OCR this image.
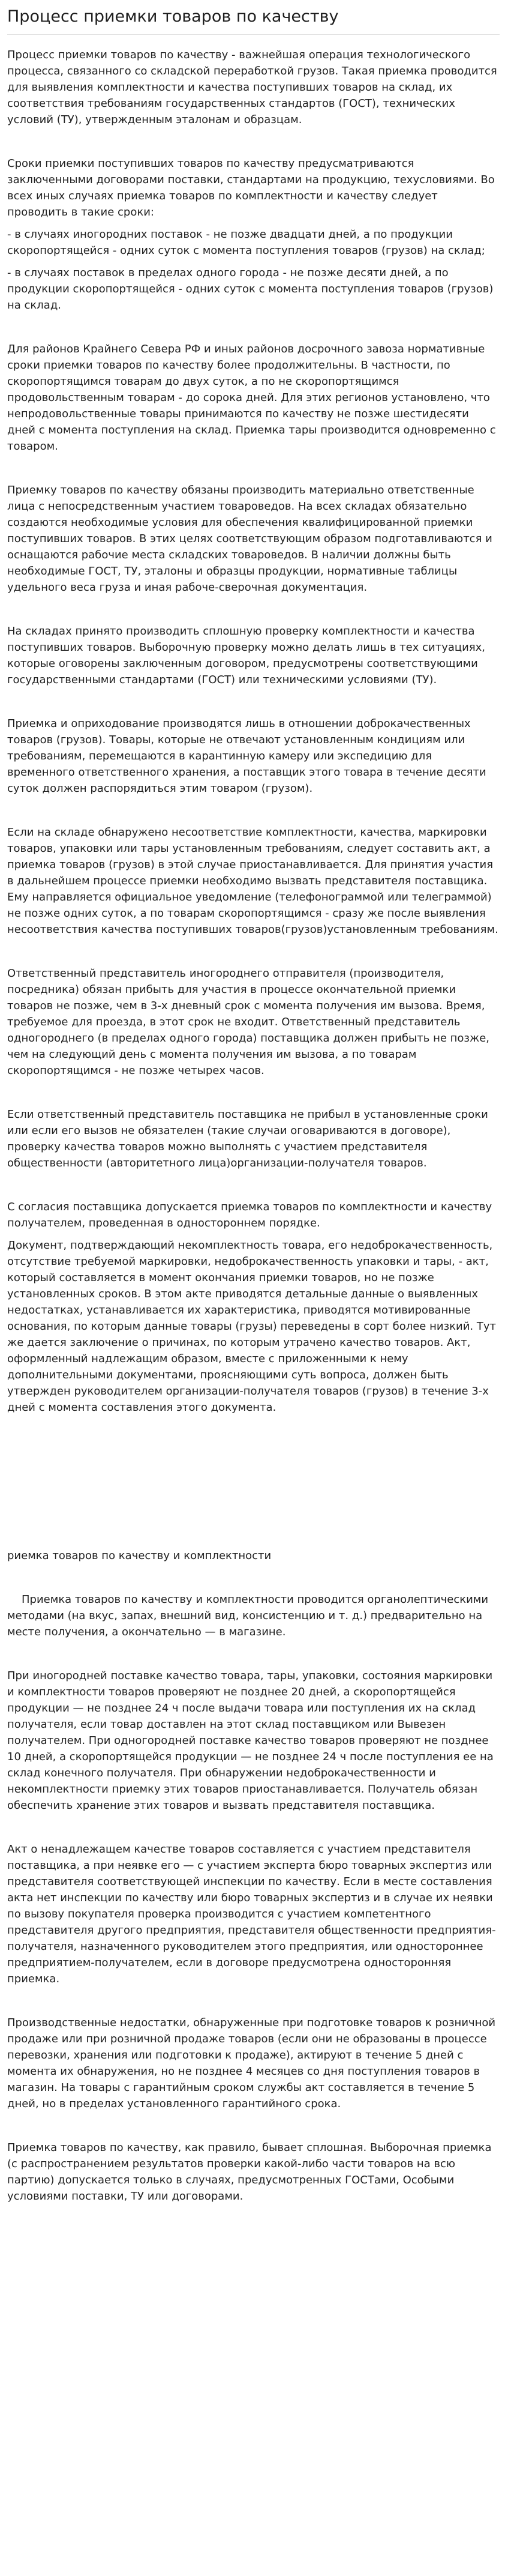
Процесс приемки товаров по качеству

Процесс приемки товаров по качеству - важнейшая операция технологического процесса, связанного со складской переработкой грузов. Такая приемка проводится для выявления комплектности и качества поступивших товаров на склад, их соответствия требованиям государственных стандартов (ГОСТ), технических условий (ТУ), утвержденным эталонам и образцам.

Сроки приемки поступивших товаров по качеству предусматриваются заключенными договорами поставки, стандартами на продукцию, техусловиями. Во всех иных случаях приемка товаров по комплектности и качеству следует проводить в такие сроки:

- в случаях иногородних поставок - не позже двадцати дней, а по продукции скоропортящейся - одних суток с момента поступления товаров (грузов) на склад;

- в случаях поставок в пределах одного города - не позже десяти дней, а по продукции скоропортящейся - одних суток с момента поступления товаров (грузов) на склад.

Для районов Крайнего Севера РФ и иных районов досрочного завоза нормативные сроки приемки товаров по качеству более продолжительны. В частности, по скоропортящимся товарам до двух суток, а по не скоропортящимся продовольственным товарам - до сорока дней. Для этих регионов установлено, что непродовольственные товары принимаются по качеству не позже шестидесяти дней с момента поступления на склад. Приемка тары производится одновременно с товаром.

Приемку товаров по качеству обязаны производить материально ответственные лица с непосредственным участием товароведов. На всех складах обязательно создаются необходимые условия для обеспечения квалифицированной приемки поступивших товаров. В этих целях соответствующим образом подготавливаются и оснащаются рабочие места складских товароведов. В наличии должны быть необходимые ГОСТ, ТУ, эталоны и образцы продукции, нормативные таблицы удельного веса груза и иная рабоче-сверочная документация.

На складах принято производить сплошную проверку комплектности и качества поступивших товаров. Выборочную проверку можно делать лишь в тех ситуациях, которые оговорены заключенным договором, предусмотрены соответствующими государственными стандартами (ГОСТ) или техническими условиями (ТУ).

Приемка и оприходование производятся лишь в отношении доброкачественных товаров (грузов). Товары, которые не отвечают установленным кондициям или требованиям, перемещаются в карантинную камеру или экспедицию для временного ответственного хранения, а поставщик этого товара в течение десяти суток должен распорядиться этим товаром (грузом).

Если на складе обнаружено несоответствие комплектности, качества, маркировки товаров, упаковки или тары установленным требованиям, следует составить акт, а приемка товаров (грузов) в этой случае приостанавливается. Для принятия участия в дальнейшем процессе приемки необходимо вызвать представителя поставщика. Ему направляется официальное уведомление (телефонограммой или телеграммой) не позже одних суток, а по товарам скоропортящимся - сразу же после выявления несоответствия качества поступивших товаров(грузов)установленным требованиям.

Ответственный представитель иногороднего отправителя (производителя, посредника) обязан прибыть для участия в процессе окончательной приемки товаров не позже, чем в 3-х дневный срок с момента получения им вызова. Время, требуемое для проезда, в этот срок не входит. Ответственный представитель одногороднего (в пределах одного города) поставщика должен прибыть не позже, чем на следующий день с момента получения им вызова, а по товарам скоропортящимся - не позже четырех часов.

Если ответственный представитель поставщика не прибыл в установленные сроки или если его вызов не обязателен (такие случаи оговариваются в договоре), проверку качества товаров можно выполнять с участием представителя общественности (авторитетного лица)организации-получателя товаров.

С согласия поставщика допускается приемка товаров по комплектности и качеству получателем, проведенная в одностороннем порядке.

Документ, подтверждающий некомплектность товара, его недоброкачественность, отсутствие требуемой маркировки, недоброкачественность упаковки и тары, - акт, который составляется в момент окончания приемки товаров, но не позже установленных сроков. В этом акте приводятся детальные данные о выявленных недостатках, устанавливается их характеристика, приводятся мотивированные основания, по которым данные товары (грузы) переведены в сорт более низкий. Тут же дается заключение о причинах, по которым утрачено качество товаров. Акт, оформленный надлежащим образом, вместе с приложенными к нему дополнительными документами, проясняющими суть вопроса, должен быть утвержден руководителем организации-получателя товаров (грузов) в течение 3-х дней с момента составления этого документа.

риемка товаров по качеству и комплектности

Приемка товаров по качеству и комплектности проводится органолептическими методами (на вкус, запах, внешний вид, консистенцию и т. д.) предварительно на месте получения, а окончательно — в магазине.

При иногородней поставке качество товара, тары, упаковки, состояния маркировки и комплектности товаров проверяют не позднее 20 дней, а скоропортящейся продукции — не позднее 24 ч после выдачи товара или поступления их на склад получателя, если товар доставлен на этот склад поставщиком или Вывезен получателем. При одногородней поставке качество товаров проверяют не позднее 10 дней, а скоропортящейся продукции — не позднее 24 ч после поступления ее на склад конечного получателя. При обнаружении недоброкачественности и некомплектности приемку этих товаров приостанавливается. Получатель обязан обеспечить хранение этих товаров и вызвать представителя поставщика.

Акт о ненадлежащем качестве товаров составляется с участием представителя поставщика, а при неявке его — с участием эксперта бюро товарных экспертиз или представителя соответствующей инспекции по качеству. Если в месте составления акта нет инспекции по качеству или бюро товарных экспертиз и в случае их неявки по вызову покупателя проверка производится с участием компетентного представителя другого предприятия, представителя общественности предприятия-получателя, назначенного руководителем этого предприятия, или одностороннее предприятием-получателем, если в договоре предусмотрена односторонняя приемка.

Производственные недостатки, обнаруженные при подготовке товаров к розничной продаже или при розничной продаже товаров (если они не образованы в процессе перевозки, хранения или подготовки к продаже), актируют в течение 5 дней с момента их обнаружения, но не позднее 4 месяцев со дня поступления товаров в магазин. На товары с гарантийным сроком службы акт составляется в течение 5 дней, но в пределах установленного гарантийного срока.

Приемка товаров по качеству, как правило, бывает сплошная. Выборочная приемка (с распространением результатов проверки какой-либо части товаров на всю партию) допускается только в случаях, предусмотренных ГОСТами, Особыми условиями поставки, ТУ или договорами.
